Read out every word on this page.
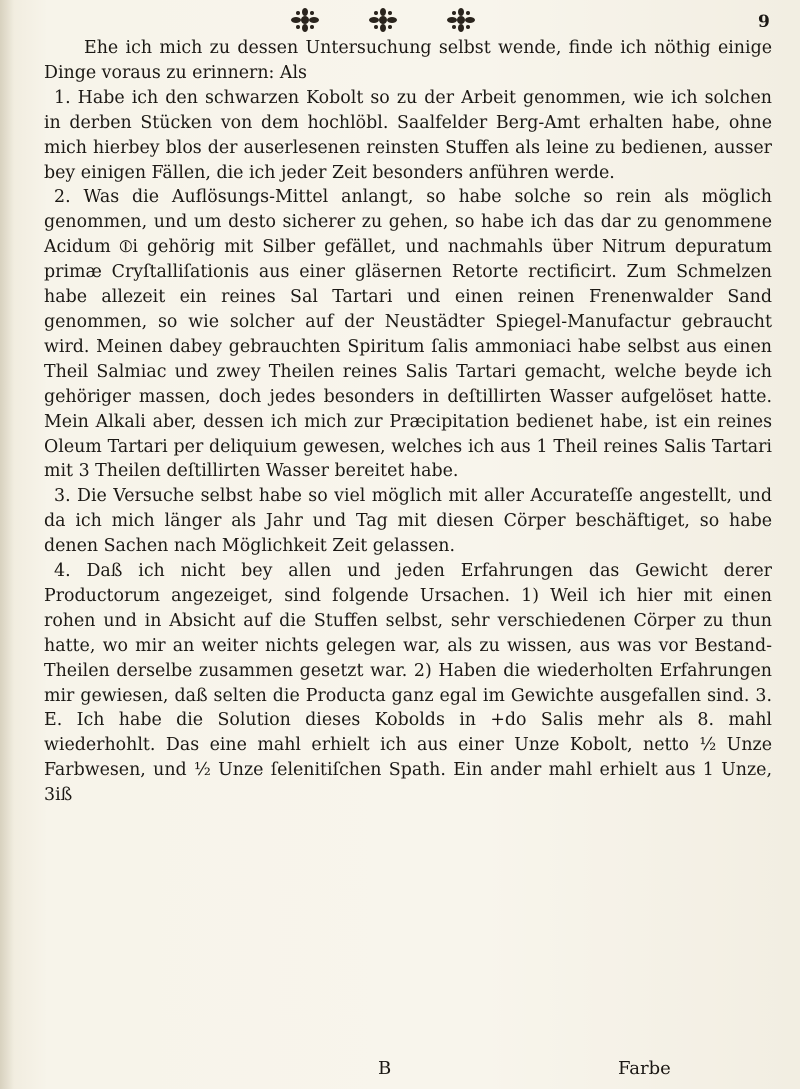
9

Ehe ich mich zu dessen Untersuchung selbst wende, finde ich nöthig einige Dinge voraus zu erinnern: Als

1. Habe ich den schwarzen Kobolt so zu der Arbeit genommen, wie ich solchen in derben Stücken von dem hochlöbl. Saalfelder Berg-Amt erhalten habe, ohne mich hierbey blos der auserlesenen reinsten Stuffen als leine zu bedienen, ausser bey einigen Fällen, die ich jeder Zeit besonders anführen werde.

2. Was die Auflösungs-Mittel anlangt, so habe solche so rein als möglich genommen, und um desto sicherer zu gehen, so habe ich das dar zu genommene Acidum ⦶i gehörig mit Silber gefället, und nachmahls über Nitrum depuratum primæ Cryſtalliſationis aus einer gläsernen Retorte rectificirt. Zum Schmelzen habe allezeit ein reines Sal Tartari und einen reinen Frenenwalder Sand genommen, so wie solcher auf der Neustädter Spiegel-Manufactur gebraucht wird. Meinen dabey gebrauchten Spiritum ſalis ammoniaci habe selbst aus einen Theil Salmiac und zwey Theilen reines Salis Tartari gemacht, welche beyde ich gehöriger massen, doch jedes besonders in deſtillirten Wasser aufgelöset hatte. Mein Alkali aber, dessen ich mich zur Præcipitation bedienet habe, ist ein reines Oleum Tartari per deliquium gewesen, welches ich aus 1 Theil reines Salis Tartari mit 3 Theilen deſtillirten Wasser bereitet habe.

3. Die Versuche selbst habe so viel möglich mit aller Accurateſſe angestellt, und da ich mich länger als Jahr und Tag mit diesen Cörper beschäftiget, so habe denen Sachen nach Möglichkeit Zeit gelassen.

4. Daß ich nicht bey allen und jeden Erfahrungen das Gewicht derer Productorum angezeiget, sind folgende Ursachen. 1) Weil ich hier mit einen rohen und in Absicht auf die Stuffen selbst, sehr verschiedenen Cörper zu thun hatte, wo mir an weiter nichts gelegen war, als zu wissen, aus was vor Bestand-Theilen derselbe zusammen gesetzt war. 2) Haben die wiederholten Erfahrungen mir gewiesen, daß selten die Producta ganz egal im Gewichte ausgefallen sind. 3. E. Ich habe die Solution dieses Kobolds in +do Salis mehr als 8. mahl wiederhohlt. Das eine mahl erhielt ich aus einer Unze Kobolt, netto ½ Unze Farbwesen, und ½ Unze ſelenitiſchen Spath. Ein ander mahl erhielt aus 1 Unze, 3iß

B	Farbe
